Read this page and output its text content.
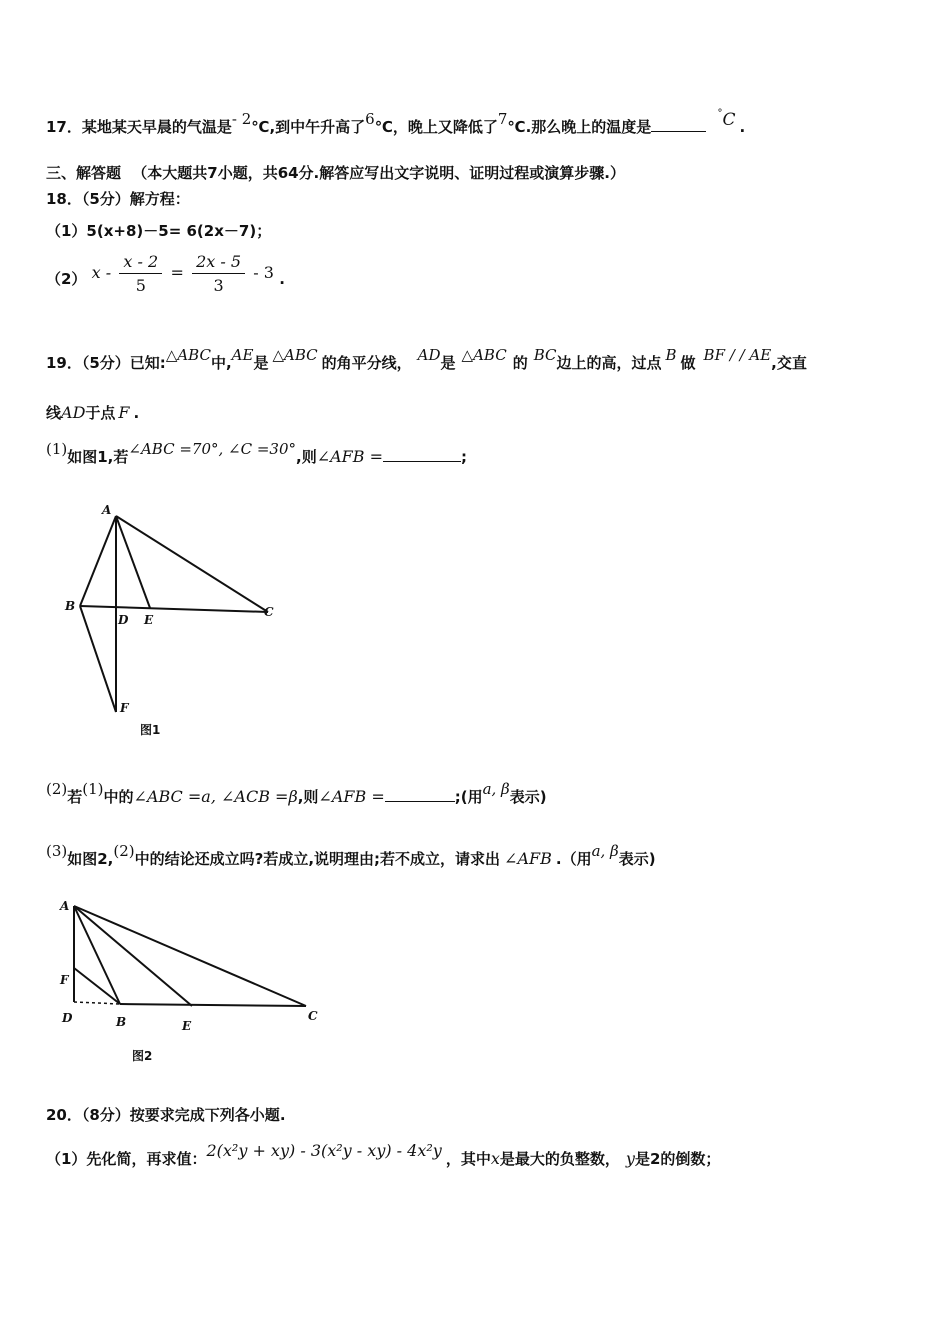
17．某地某天早晨的气温是- 2℃,到中午升高了6℃，晚上又降低了7℃.那么晚上的温度是 °C .
三、解答题 （本大题共7小题，共64分.解答应写出文字说明、证明过程或演算步骤.）
18．（5分）解方程：
（1）5(x+8)－5= 6(2x－7)；
（2） $x - \frac{x - 2}{5} = \frac{2x - 5}{3} - 3$ .
19．（5分）已知:△ABC中,AE是 △ABC 的角平分线， AD是 △ABC 的 BC边上的高，过点 B 做 BF / / AE,交直
线AD于点 F .
(1)如图1,若∠ABC =70°, ∠C =30°,则∠AFB =	;
A
B	C
D E
F
图1
(2)若(1)中的∠ABC =a, ∠ACB =β,则∠AFB =	;(用a, β表示)
(3)如图2,(2)中的结论还成立吗?若成立,说明理由;若不成立，请求出 ∠AFB .（用a, β表示)
A
F
D	B	E
C
图2
20．（8分）按要求完成下列各小题.
（1）先化简，再求值：2(x²y + xy) - 3(x²y - xy) - 4x²y ，其中x是最大的负整数， y是2的倒数；
